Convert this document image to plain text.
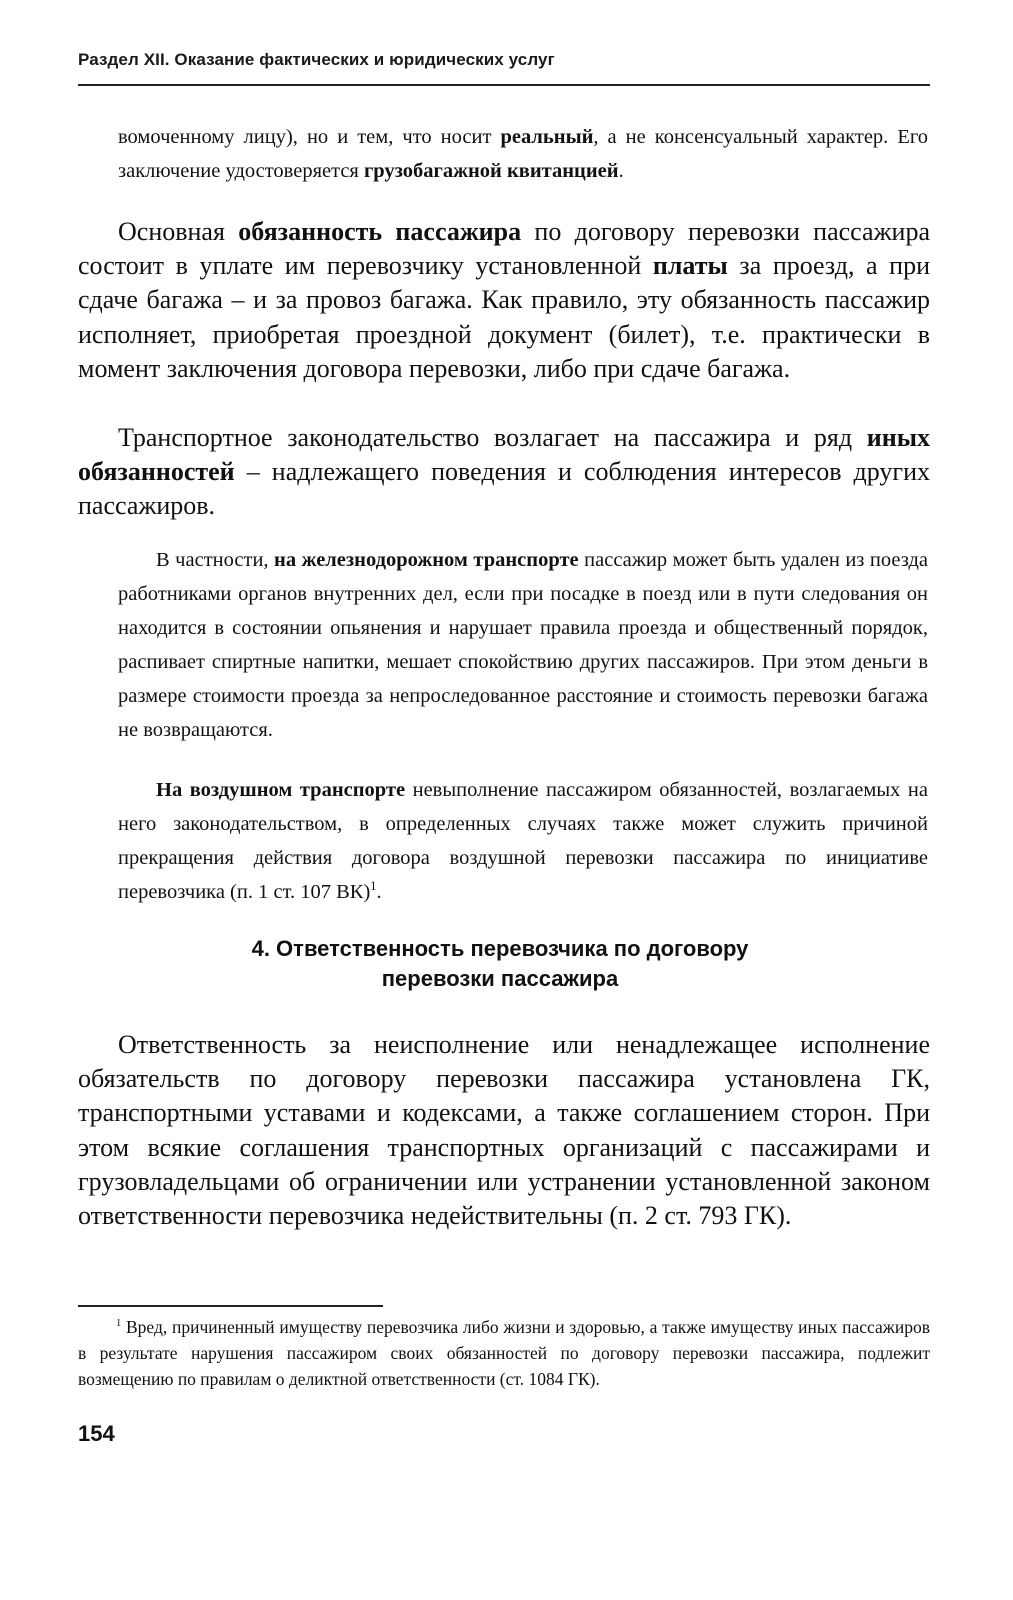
Раздел XII. Оказание фактических и юридических услуг

вомоченному лицу), но и тем, что носит реальный, а не консенсуальный характер. Его заключение удостоверяется грузобагажной квитанцией.

Основная обязанность пассажира по договору перевозки пассажира состоит в уплате им перевозчику установленной платы за проезд, а при сдаче багажа – и за провоз багажа. Как правило, эту обязанность пассажир исполняет, приобретая проездной документ (билет), т.е. практически в момент заключения договора перевозки, либо при сдаче багажа.

Транспортное законодательство возлагает на пассажира и ряд иных обязанностей – надлежащего поведения и соблюдения интересов других пассажиров.

В частности, на железнодорожном транспорте пассажир может быть удален из поезда работниками органов внутренних дел, если при посадке в поезд или в пути следования он находится в состоянии опьянения и нарушает правила проезда и общественный порядок, распивает спиртные напитки, мешает спокойствию других пассажиров. При этом деньги в размере стоимости проезда за непроследованное расстояние и стоимость перевозки багажа не возвращаются.

На воздушном транспорте невыполнение пассажиром обязанностей, возлагаемых на него законодательством, в определенных случаях также может служить причиной прекращения действия договора воздушной перевозки пассажира по инициативе перевозчика (п. 1 ст. 107 ВК)$^1$.

4. Ответственность перевозчика по договору
перевозки пассажира

Ответственность за неисполнение или ненадлежащее исполнение обязательств по договору перевозки пассажира установлена ГК, транспортными уставами и кодексами, а также соглашением сторон. При этом всякие соглашения транспортных организаций с пассажирами и грузовладельцами об ограничении или устранении установленной законом ответственности перевозчика недействительны (п. 2 ст. 793 ГК).

$^1$ Вред, причиненный имуществу перевозчика либо жизни и здоровью, а также имуществу иных пассажиров в результате нарушения пассажиром своих обязанностей по договору перевозки пассажира, подлежит возмещению по правилам о деликтной ответственности (ст. 1084 ГК).

154
